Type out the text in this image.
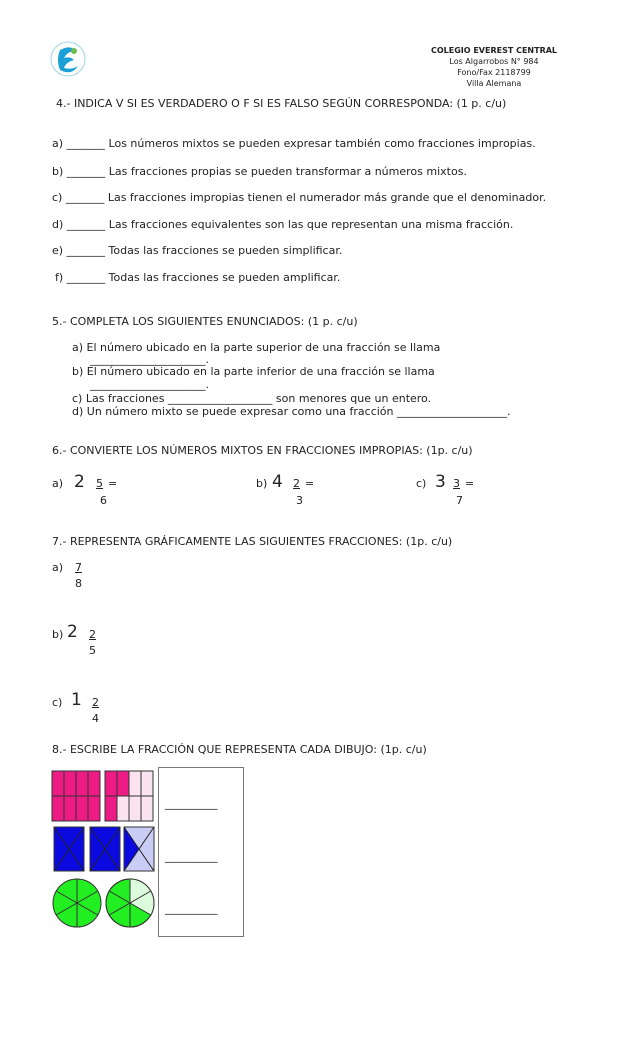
COLEGIO EVEREST CENTRAL
Los Algarrobos N° 984
Fono/Fax 2118799
Villa Alemana
4.- INDICA V SI ES VERDADERO O F SI ES FALSO SEGÚN CORRESPONDA: (1 p. c/u)
a) _______ Los números mixtos se pueden expresar también como fracciones impropias.
b) _______ Las fracciones propias se pueden transformar a números mixtos.
c) _______ Las fracciones impropias tienen el numerador más grande que el denominador.
d) _______ Las fracciones equivalentes son las que representan una misma fracción.
e) _______ Todas las fracciones se pueden simplificar.
f) _______ Todas las fracciones se pueden amplificar.
5.- COMPLETA LOS SIGUIENTES ENUNCIADOS: (1 p. c/u)
a) El número ubicado en la parte superior de una fracción se llama
_____________________.
b) El número ubicado en la parte inferior de una fracción se llama
_____________________.
c) Las fracciones ___________________ son menores que un entero.
d) Un número mixto se puede expresar como una fracción ____________________.
6.- CONVIERTE LOS NÚMEROS MIXTOS EN FRACCIONES IMPROPIAS: (1p. c/u)
a) 2 5 =
6
b) 4 2 =
3
c) 3 3 =
7
7.- REPRESENTA GRÁFICAMENTE LAS SIGUIENTES FRACCIONES: (1p. c/u)
a) 7
8
b) 2 2
5
c) 1 2
4
8.- ESCRIBE LA FRACCIÓN QUE REPRESENTA CADA DIBUJO: (1p. c/u)
__________
__________
__________
